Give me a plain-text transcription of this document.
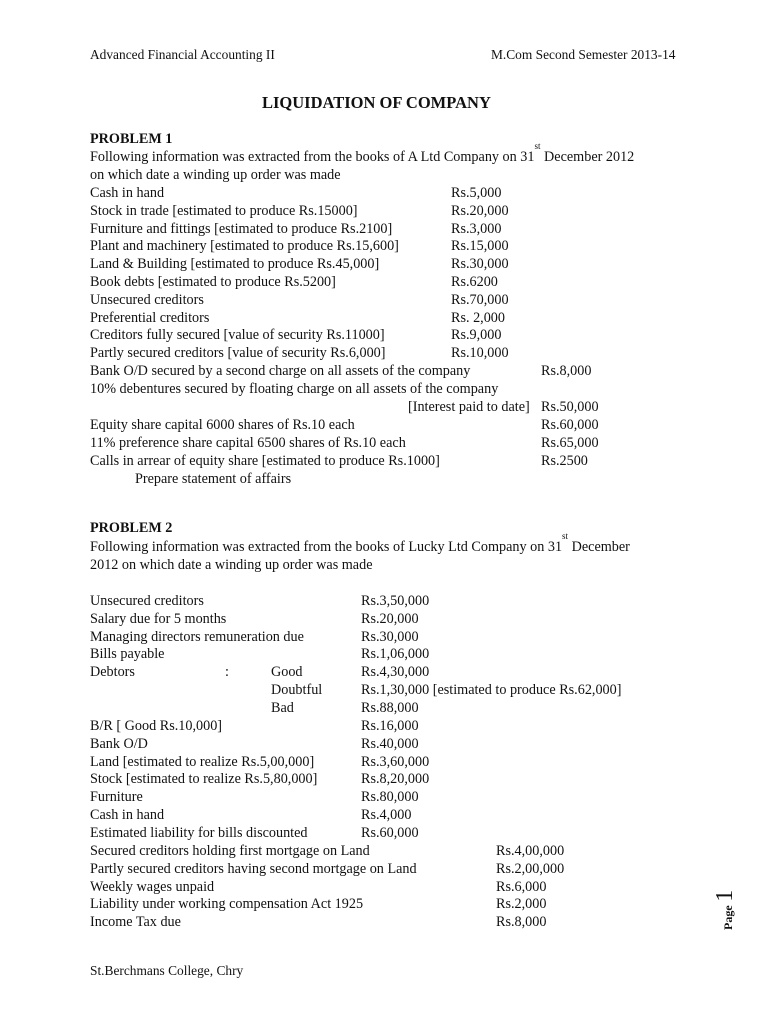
Advanced Financial Accounting II	M.Com Second Semester 2013-14
LIQUIDATION OF COMPANY
PROBLEM 1
Following information was extracted from the books of A Ltd Company on 31st December 2012
on which date a winding up order was made
Cash in hand	Rs.5,000
Stock in trade [estimated to produce Rs.15000]	Rs.20,000
Furniture and fittings [estimated to produce Rs.2100]	Rs.3,000
Plant and machinery [estimated to produce Rs.15,600]	Rs.15,000
Land & Building [estimated to produce Rs.45,000]	Rs.30,000
Book debts [estimated to produce Rs.5200]	Rs.6200
Unsecured creditors	Rs.70,000
Preferential creditors	Rs. 2,000
Creditors fully secured [value of security Rs.11000]	Rs.9,000
Partly secured creditors [value of security Rs.6,000]	Rs.10,000
Bank O/D secured by a second charge on all assets of the company	Rs.8,000
10% debentures secured by floating charge on all assets of the company
[Interest paid to date] Rs.50,000
Equity share capital 6000 shares of Rs.10 each	Rs.60,000
11% preference share capital 6500 shares of Rs.10 each	Rs.65,000
Calls in arrear of equity share [estimated to produce Rs.1000]	Rs.2500
Prepare statement of affairs
PROBLEM 2
Following information was extracted from the books of Lucky Ltd Company on 31st December
2012 on which date a winding up order was made
Unsecured creditors	Rs.3,50,000
Salary due for 5 months	Rs.20,000
Managing directors remuneration due	Rs.30,000
Bills payable	Rs.1,06,000
Debtors	:	Good	Rs.4,30,000
Doubtful	Rs.1,30,000 [estimated to produce Rs.62,000]
Bad	Rs.88,000
B/R [ Good Rs.10,000]	Rs.16,000
Bank O/D	Rs.40,000
Land [estimated to realize Rs.5,00,000]	Rs.3,60,000
Stock [estimated to realize Rs.5,80,000]	Rs.8,20,000
Furniture	Rs.80,000
Cash in hand	Rs.4,000
Estimated liability for bills discounted	Rs.60,000
Secured creditors holding first mortgage on Land	Rs.4,00,000
Partly secured creditors having second mortgage on Land	Rs.2,00,000
Weekly wages unpaid	Rs.6,000
Liability under working compensation Act 1925	Rs.2,000
Income Tax due	Rs.8,000
St.Berchmans College, Chry
Page 1
